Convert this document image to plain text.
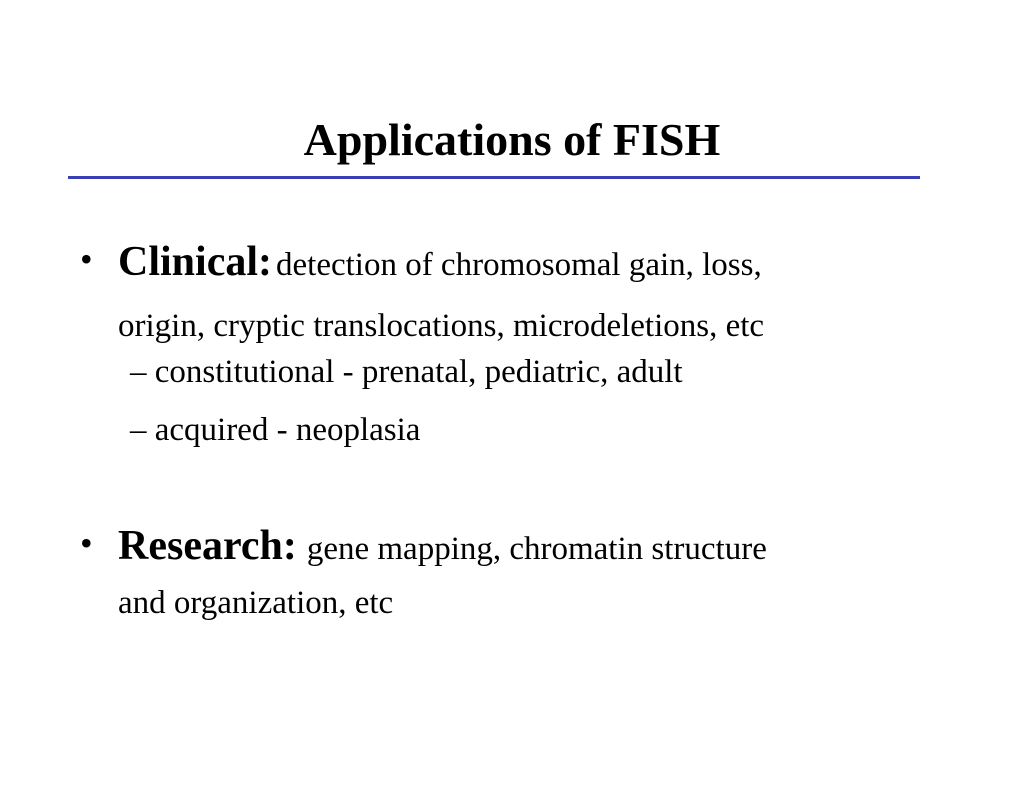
Applications of FISH
• Clinical: detection of chromosomal gain, loss,
origin, cryptic translocations, microdeletions, etc
– constitutional - prenatal, pediatric, adult
– acquired - neoplasia
• Research: gene mapping, chromatin structure
and organization, etc
